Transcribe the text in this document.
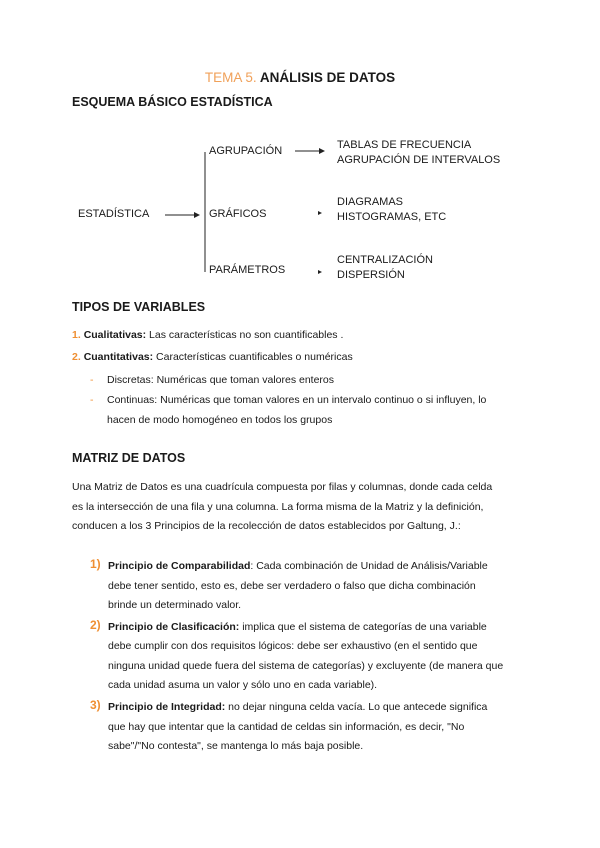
TEMA 5. ANÁLISIS DE DATOS
ESQUEMA BÁSICO ESTADÍSTICA
ESTADÍSTICA
AGRUPACIÓN
GRÁFICOS
PARÁMETROS
TABLAS DE FRECUENCIA
AGRUPACIÓN DE INTERVALOS
DIAGRAMAS
HISTOGRAMAS, ETC
CENTRALIZACIÓN
DISPERSIÓN
TIPOS DE VARIABLES
1. Cualitativas: Las características no son cuantificables .
2. Cuantitativas: Características cuantificables o numéricas
- Discretas: Numéricas que toman valores enteros
- Continuas: Numéricas que toman valores en un intervalo continuo o si influyen, lo
hacen de modo homogéneo en todos los grupos
MATRIZ DE DATOS
Una Matriz de Datos es una cuadrícula compuesta por filas y columnas, donde cada celda
es la intersección de una fila y una columna. La forma misma de la Matriz y la definición,
conducen a los 3 Principios de la recolección de datos establecidos por Galtung, J.:
1) Principio de Comparabilidad: Cada combinación de Unidad de Análisis/Variable
debe tener sentido, esto es, debe ser verdadero o falso que dicha combinación
brinde un determinado valor.
2) Principio de Clasificación: implica que el sistema de categorías de una variable
debe cumplir con dos requisitos lógicos: debe ser exhaustivo (en el sentido que
ninguna unidad quede fuera del sistema de categorías) y excluyente (de manera que
cada unidad asuma un valor y sólo uno en cada variable).
3) Principio de Integridad: no dejar ninguna celda vacía. Lo que antecede significa
que hay que intentar que la cantidad de celdas sin información, es decir, "No
sabe"/"No contesta", se mantenga lo más baja posible.
